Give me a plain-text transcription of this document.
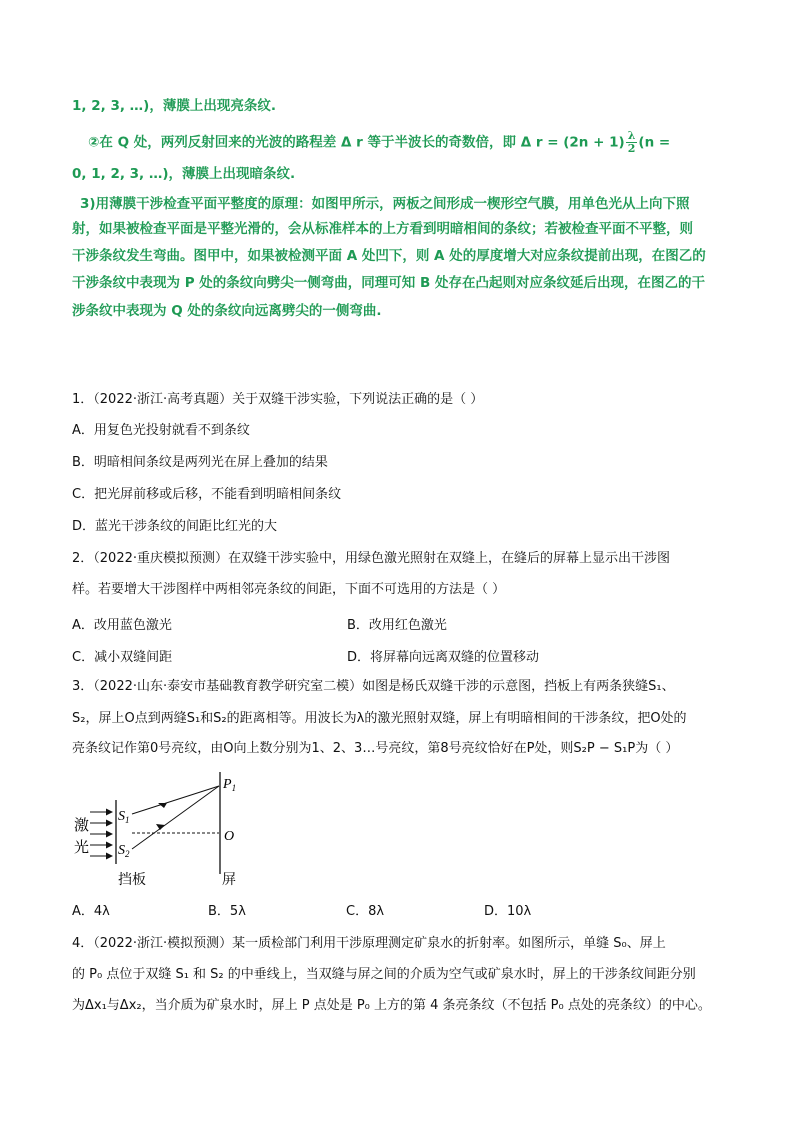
1, 2, 3, …)，薄膜上出现亮条纹.
②在 Q 处，两列反射回来的光波的路程差 Δ r 等于半波长的奇数倍，即 Δ $r = (2n + 1) \frac{\lambda}{2} (n$ =
0, 1, 2, 3, …)，薄膜上出现暗条纹.
3)用薄膜干涉检查平面平整度的原理：如图甲所示，两板之间形成一楔形空气膜，用单色光从上向下照
射，如果被检查平面是平整光滑的，会从标准样本的上方看到明暗相间的条纹；若被检查平面不平整，则
干涉条纹发生弯曲。图甲中，如果被检测平面 A 处凹下，则 A 处的厚度增大对应条纹提前出现，在图乙的
干涉条纹中表现为 P 处的条纹向劈尖一侧弯曲，同理可知 B 处存在凸起则对应条纹延后出现，在图乙的干
涉条纹中表现为 Q 处的条纹向远离劈尖的一侧弯曲.
1．（2022·浙江·高考真题）关于双缝干涉实验，下列说法正确的是（ ）
A．用复色光投射就看不到条纹
B．明暗相间条纹是两列光在屏上叠加的结果
C．把光屏前移或后移，不能看到明暗相间条纹
D．蓝光干涉条纹的间距比红光的大
2．（2022·重庆模拟预测）在双缝干涉实验中，用绿色激光照射在双缝上，在缝后的屏幕上显示出干涉图
样。若要增大干涉图样中两相邻亮条纹的间距，下面不可选用的方法是（ ）
A．改用蓝色激光	B．改用红色激光
C．减小双缝间距	D．将屏幕向远离双缝的位置移动
3．（2022·山东·泰安市基础教育教学研究室二模）如图是杨氏双缝干涉的示意图，挡板上有两条狭缝S₁、
S₂，屏上O点到两缝S₁和S₂的距离相等。用波长为λ的激光照射双缝，屏上有明暗相间的干涉条纹，把O处的
亮条纹记作第0号亮纹，由O向上数分别为1、2、3…号亮纹，第8号亮纹恰好在P处，则S₂P − S₁P为（ ）
激
光
$S_1$
$S_2$
$P_1$
O
挡板	屏
A．4λ	B．5λ	C．8λ	D．10λ
4．（2022·浙江·模拟预测）某一质检部门利用干涉原理测定矿泉水的折射率。如图所示，单缝 S₀、屏上
的 P₀ 点位于双缝 S₁ 和 S₂ 的中垂线上，当双缝与屏之间的介质为空气或矿泉水时，屏上的干涉条纹间距分别
为Δx₁与Δx₂，当介质为矿泉水时，屏上 P 点处是 P₀ 上方的第 4 条亮条纹（不包括 P₀ 点处的亮条纹）的中心。
